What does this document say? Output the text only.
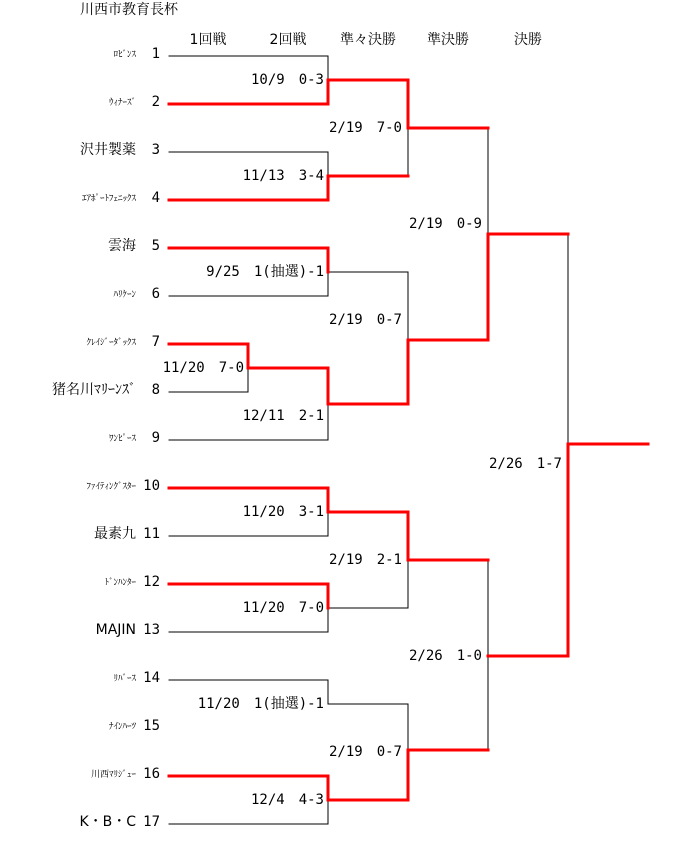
川西市教育長杯
1回戦	2回戦 準々決勝 準決勝	決勝
ﾛﾋﾞﾝｽ	1
ｳｨﾅｰｽﾞ	2
沢井製薬	3
ｴｱﾎﾟｰﾄﾌｪﾆｯｸｽ	4
雲海	5
ﾊﾘｹｰﾝ	6
ｸﾚｲｼﾞｰﾀﾞｯｸｽ	7
猪名川ﾏﾘｰﾝｽﾞ	8
ﾜﾝﾋﾟｰｽ	9
ﾌｧｲﾃｨﾝｸﾞｽﾀｰ 10
最素九 11
ﾄﾞﾝﾊﾝﾀｰ 12
MAJIN 13
ﾘﾊﾞｰｽ 14
ﾅｲﾝﾊｰﾂ 15
川西ﾏﾘｼﾞｭｰ 16
K・B・C 17
11/20　7-0
10/9　0-3
11/13　3-4
9/25　1(抽選)-1
12/11　2-1
11/20　3-1
11/20　7-0
11/20　1(抽選)-1
12/4　4-3
2/19　7-0
2/19　0-7
2/19　2-1
2/19　0-7
2/19　0-9
2/26　1-0
2/26　1-7
